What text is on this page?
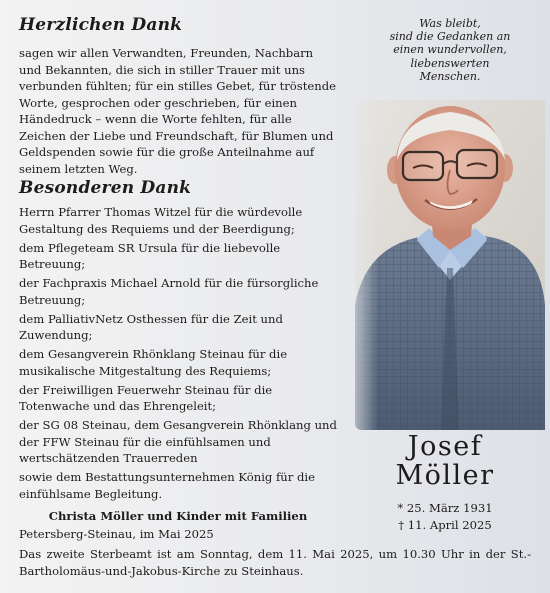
Herzlichen Dank

sagen wir allen Verwandten, Freunden, Nachbarn und Bekannten, die sich in stiller Trauer mit uns verbunden fühlten; für ein stilles Gebet, für tröstende Worte, gesprochen oder geschrieben, für einen Händedruck – wenn die Worte fehlten, für alle Zeichen der Liebe und Freundschaft, für Blumen und Geldspenden sowie für die große Anteilnahme auf seinem letzten Weg.

Besonderen Dank
Herrn Pfarrer Thomas Witzel für die würdevolle Gestaltung des Requiems und der Beerdigung;
dem Pflegeteam SR Ursula für die liebevolle Betreuung;
der Fachpraxis Michael Arnold für die fürsorgliche Betreuung;
dem PalliativNetz Osthessen für die Zeit und Zuwendung;
dem Gesangverein Rhönklang Steinau für die musikalische Mitgestaltung des Requiems;
der Freiwilligen Feuerwehr Steinau für die Totenwache und das Ehrengeleit;
der SG 08 Steinau, dem Gesangverein Rhönklang und der FFW Steinau für die einfühlsamen und wertschätzenden Trauerreden
sowie dem Bestattungsunternehmen König für die einfühlsame Begleitung.
Christa Möller und Kinder mit Familien
Was bleibt,
sind die Gedanken an
einen wundervollen,
liebenswerten
Menschen.
Josef
Möller
* 25. März 1931
† 11. April 2025
Petersberg-Steinau, im Mai 2025
Das zweite Sterbeamt ist am Sonntag, dem 11. Mai 2025, um 10.30 Uhr in der St.-Bartholomäus-und-Jakobus-Kirche zu Steinhaus.
